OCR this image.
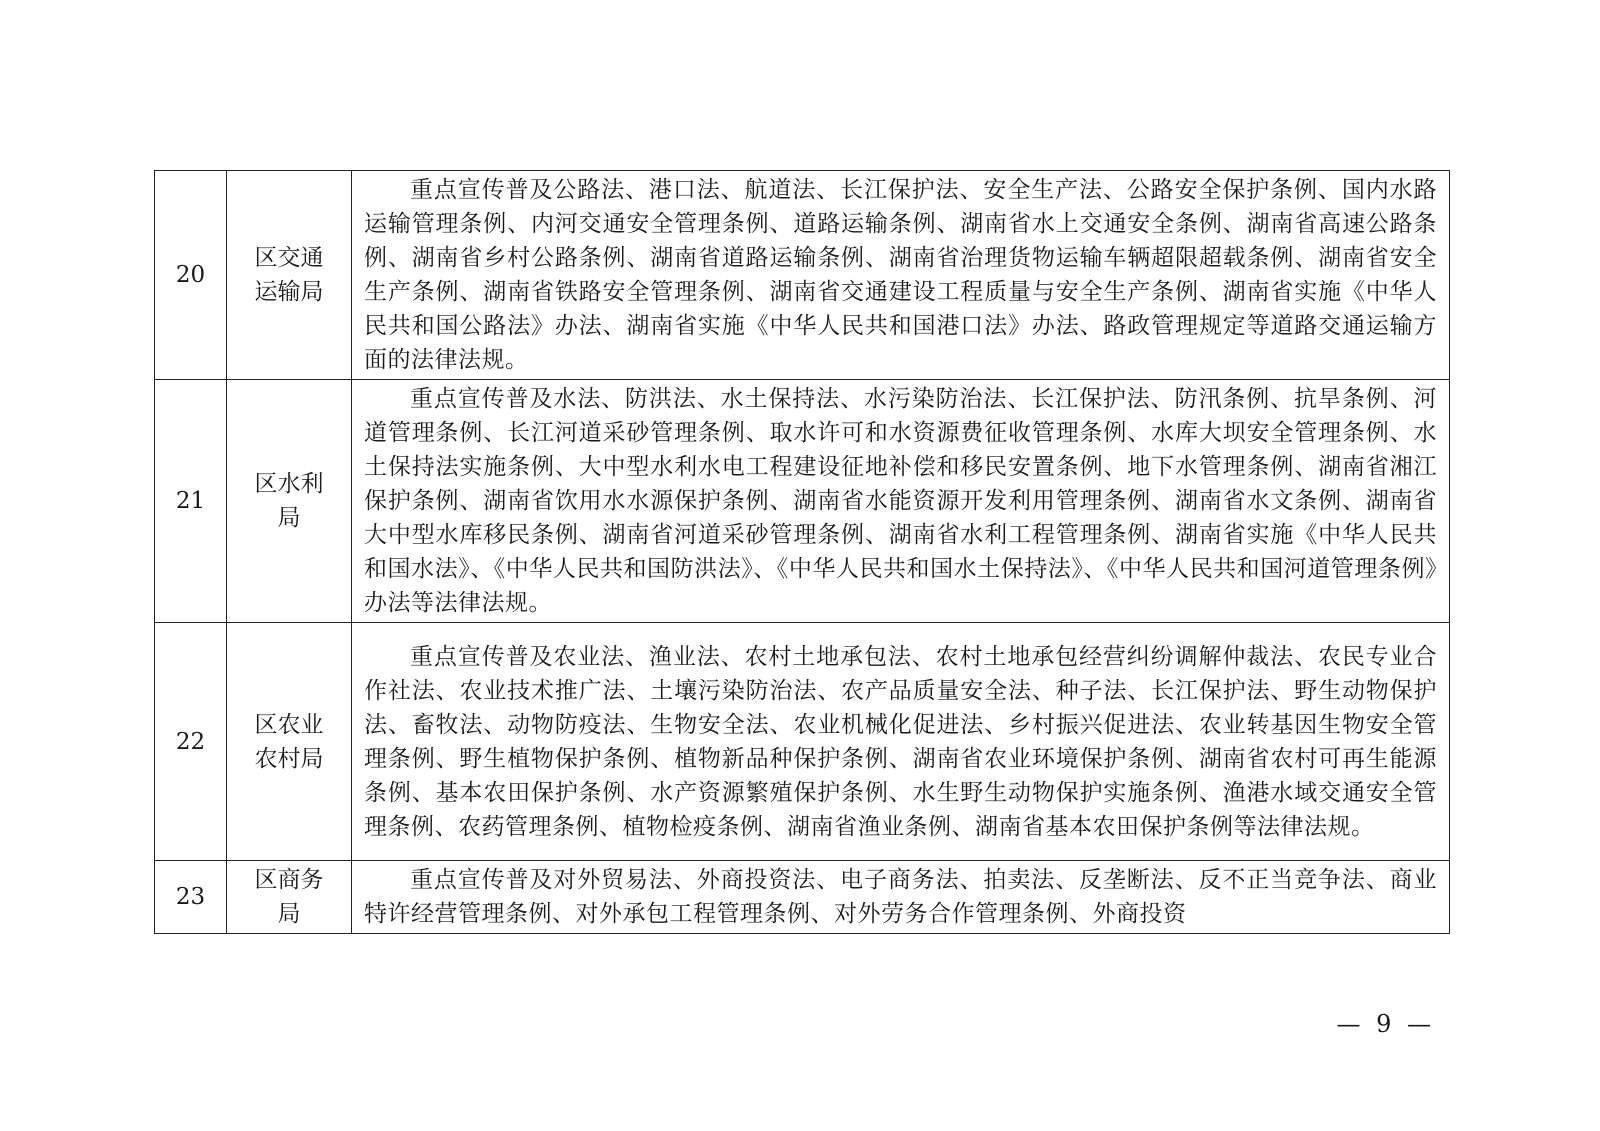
20	区交通运输局	重点宣传普及公路法、港口法、航道法、长江保护法、安全生产法、公路安全保护条例、国内水路运输管理条例、内河交通安全管理条例、道路运输条例、湖南省水上交通安全条例、湖南省高速公路条例、湖南省乡村公路条例、湖南省道路运输条例、湖南省治理货物运输车辆超限超载条例、湖南省安全生产条例、湖南省铁路安全管理条例、湖南省交通建设工程质量与安全生产条例、湖南省实施《中华人民共和国公路法》办法、湖南省实施《中华人民共和国港口法》办法、路政管理规定等道路交通运输方面的法律法规。
21	区水利局	重点宣传普及水法、防洪法、水土保持法、水污染防治法、长江保护法、防汛条例、抗旱条例、河道管理条例、长江河道采砂管理条例、取水许可和水资源费征收管理条例、水库大坝安全管理条例、水土保持法实施条例、大中型水利水电工程建设征地补偿和移民安置条例、地下水管理条例、湖南省湘江保护条例、湖南省饮用水水源保护条例、湖南省水能资源开发利用管理条例、湖南省水文条例、湖南省大中型水库移民条例、湖南省河道采砂管理条例、湖南省水利工程管理条例、湖南省实施《中华人民共和国水法》、《中华人民共和国防洪法》、《中华人民共和国水土保持法》、《中华人民共和国河道管理条例》办法等法律法规。
22	区农业农村局	重点宣传普及农业法、渔业法、农村土地承包法、农村土地承包经营纠纷调解仲裁法、农民专业合作社法、农业技术推广法、土壤污染防治法、农产品质量安全法、种子法、长江保护法、野生动物保护法、畜牧法、动物防疫法、生物安全法、农业机械化促进法、乡村振兴促进法、农业转基因生物安全管理条例、野生植物保护条例、植物新品种保护条例、湖南省农业环境保护条例、湖南省农村可再生能源条例、基本农田保护条例、水产资源繁殖保护条例、水生野生动物保护实施条例、渔港水域交通安全管理条例、农药管理条例、植物检疫条例、湖南省渔业条例、湖南省基本农田保护条例等法律法规。
23	区商务局	重点宣传普及对外贸易法、外商投资法、电子商务法、拍卖法、反垄断法、反不正当竞争法、商业特许经营管理条例、对外承包工程管理条例、对外劳务合作管理条例、外商投资
— 9 —
